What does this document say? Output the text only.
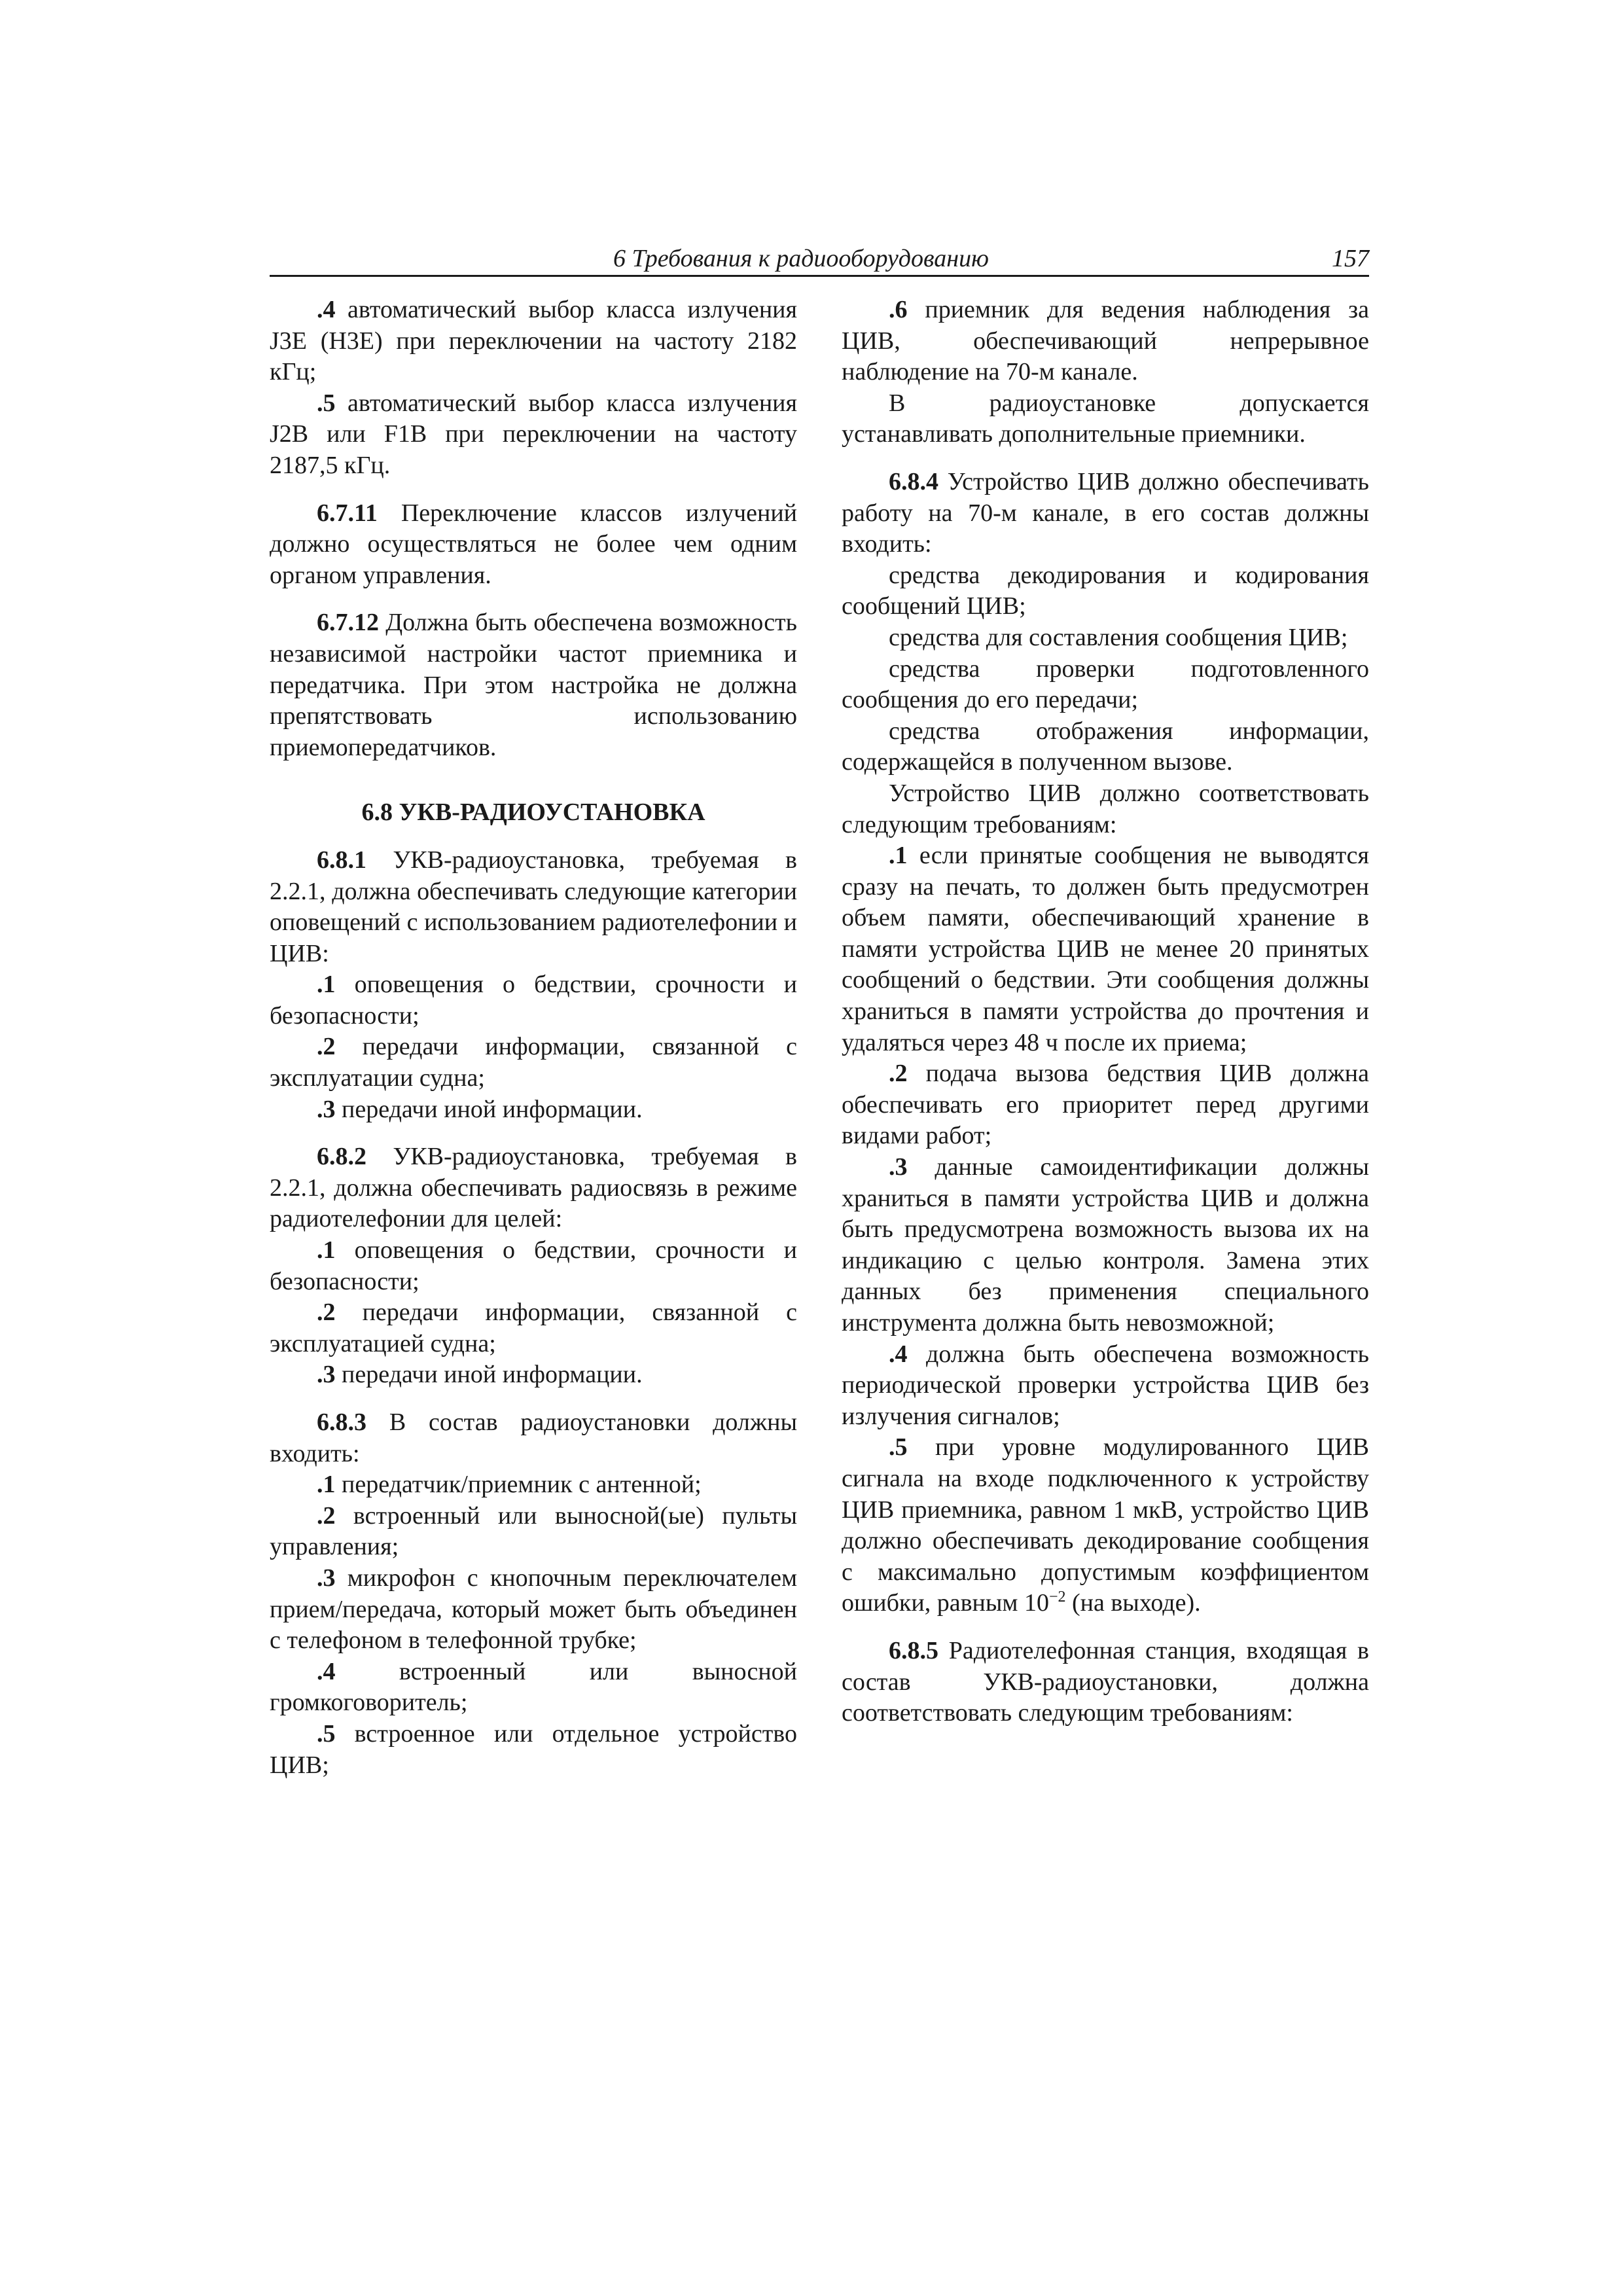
6 Требования к радиооборудованию	157

.4 автоматический выбор класса излучения J3E (H3E) при переключении на частоту 2182 кГц;

.5 автоматический выбор класса излучения J2B или F1B при переключении на частоту 2187,5 кГц.

6.7.11 Переключение классов излучений должно осуществляться не более чем одним органом управления.

6.7.12 Должна быть обеспечена возможность независимой настройки частот приемника и передатчика. При этом настройка не должна препятствовать использованию приемопередатчиков.

6.8 УКВ-РАДИОУСТАНОВКА

6.8.1 УКВ-радиоустановка, требуемая в 2.2.1, должна обеспечивать следующие категории оповещений с использованием радиотелефонии и ЦИВ:

.1 оповещения о бедствии, срочности и безопасности;

.2 передачи информации, связанной с эксплуатации судна;

.3 передачи иной информации.

6.8.2 УКВ-радиоустановка, требуемая в 2.2.1, должна обеспечивать радиосвязь в режиме радиотелефонии для целей:

.1 оповещения о бедствии, срочности и безопасности;

.2 передачи информации, связанной с эксплуатацией судна;

.3 передачи иной информации.

6.8.3 В состав радиоустановки должны входить:

.1 передатчик/приемник с антенной;

.2 встроенный или выносной(ые) пульты управления;

.3 микрофон с кнопочным переключателем прием/передача, который может быть объединен с телефоном в телефонной трубке;

.4	встроенный или выносной громкоговоритель;

.5 встроенное или отдельное устройство ЦИВ;

.6 приемник для ведения наблюдения за ЦИВ, обеспечивающий непрерывное наблюдение на 70-м канале.

В радиоустановке допускается устанавливать дополнительные приемники.

6.8.4 Устройство ЦИВ должно обеспечивать работу на 70-м канале, в его состав должны входить:

средства декодирования и кодирования сообщений ЦИВ;

средства для составления сообщения ЦИВ;

средства проверки подготовленного сообщения до его передачи;

средства отображения информации, содержащейся в полученном вызове.

Устройство ЦИВ должно соответствовать следующим требованиям:

.1 если принятые сообщения не выводятся сразу на печать, то должен быть предусмотрен объем памяти, обеспечивающий хранение в памяти устройства ЦИВ не менее 20 принятых сообщений о бедствии. Эти сообщения должны храниться в памяти устройства до прочтения и удаляться через 48 ч после их приема;

.2 подача вызова бедствия ЦИВ должна обеспечивать его приоритет перед другими видами работ;

.3 данные самоидентификации должны храниться в памяти устройства ЦИВ и должна быть предусмотрена возможность вызова их на индикацию с целью контроля. Замена этих данных без применения специального инструмента должна быть невозможной;

.4 должна быть обеспечена возможность периодической проверки устройства ЦИВ без излучения сигналов;

.5 при уровне модулированного ЦИВ сигнала на входе подключенного к устройству ЦИВ приемника, равном 1 мкВ, устройство ЦИВ должно обеспечивать декодирование сообщения с максимально допустимым коэффициентом ошибки, равным $10^{-2}$ (на выходе).

6.8.5 Радиотелефонная станция, входящая в состав УКВ-радиоустановки, должна соответствовать следующим требованиям:
